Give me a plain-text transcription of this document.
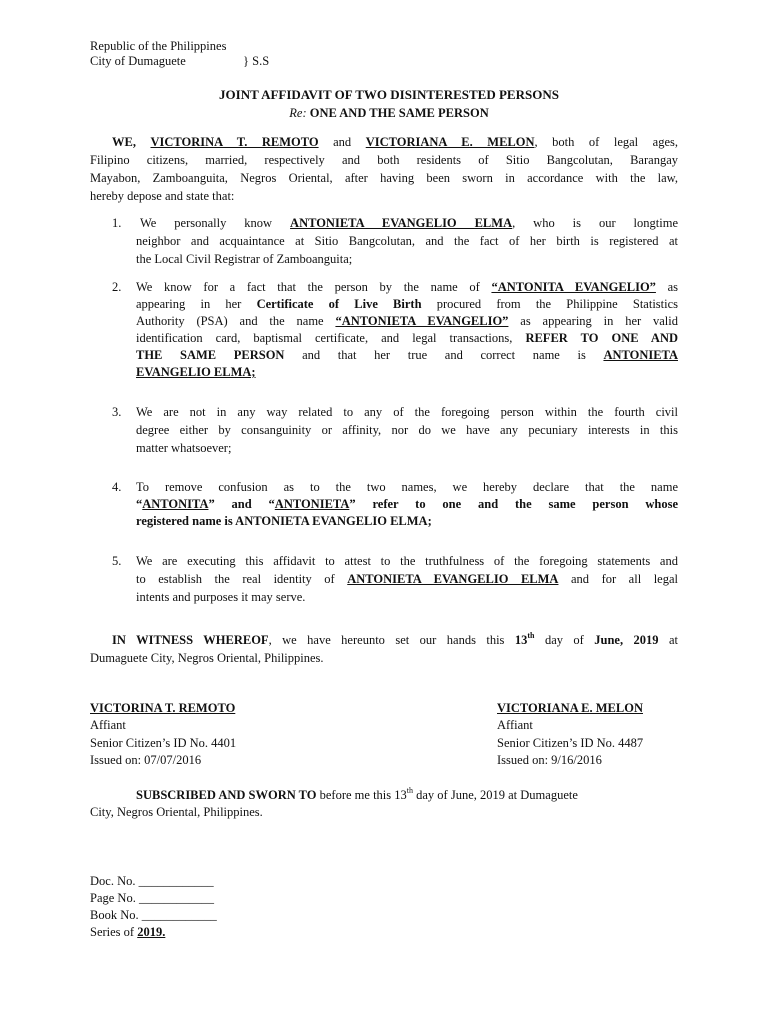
Republic of the Philippines
City of Dumaguete	} S.S
JOINT AFFIDAVIT OF TWO DISINTERESTED PERSONS
Re: ONE AND THE SAME PERSON
WE, VICTORINA T. REMOTO and VICTORIANA E. MELON, both of legal ages,
Filipino citizens, married, respectively and both residents of Sitio Bangcolutan, Barangay
Mayabon, Zamboanguita, Negros Oriental, after having been sworn in accordance with the law,
hereby depose and state that:
1.	We personally know ANTONIETA EVANGELIO ELMA, who is our longtime
neighbor and acquaintance at Sitio Bangcolutan, and the fact of her birth is registered at
the Local Civil Registrar of Zamboanguita;
2. We know for a fact that the person by the name of “ANTONITA EVANGELIO” as
appearing in her Certificate of Live Birth procured from the Philippine Statistics
Authority (PSA) and the name “ANTONIETA EVANGELIO” as appearing in her valid
identification card, baptismal certificate, and legal transactions, REFER TO ONE AND
THE SAME PERSON and that her true and correct name is ANTONIETA
EVANGELIO ELMA;
3. We are not in any way related to any of the foregoing person within the fourth civil
degree either by consanguinity or affinity, nor do we have any pecuniary interests in this
matter whatsoever;
4. To remove confusion as to the two names, we hereby declare that the name
“ANTONITA” and “ANTONIETA” refer to one and the same person whose
registered name is ANTONIETA EVANGELIO ELMA;
5. We are executing this affidavit to attest to the truthfulness of the foregoing statements and
to establish the real identity of ANTONIETA EVANGELIO ELMA and for all legal
intents and purposes it may serve.
IN WITNESS WHEREOF, we have hereunto set our hands this 13th day of June, 2019 at
Dumaguete City, Negros Oriental, Philippines.
VICTORINA T. REMOTO
Affiant
Senior Citizen’s ID No. 4401
Issued on: 07/07/2016
VICTORIANA E. MELON
Affiant
Senior Citizen’s ID No. 4487
Issued on: 9/16/2016
SUBSCRIBED AND SWORN TO before me this 13th day of June, 2019 at Dumaguete
City, Negros Oriental, Philippines.
Doc. No. ____________
Page No. ____________
Book No. ____________
Series of 2019.
